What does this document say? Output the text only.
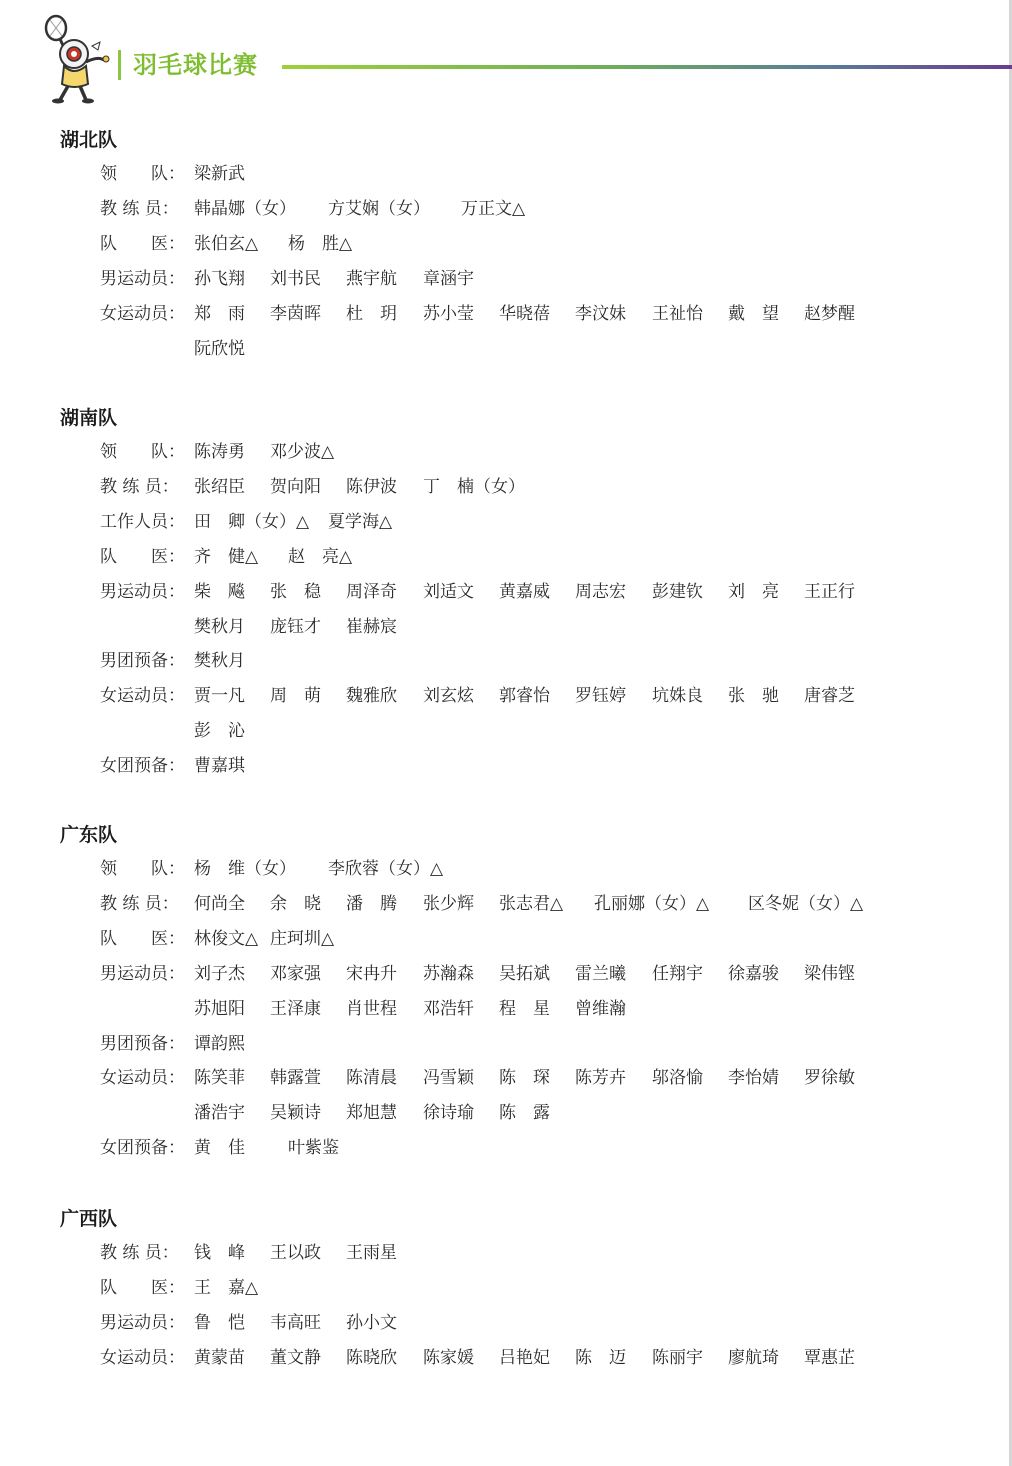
羽毛球比赛
湖北队
领　　队： 梁新武
教 练 员： 韩晶娜（女） 方艾娴（女） 万正文△
队　　医： 张伯玄△ 杨　胜△
男运动员： 孙飞翔 刘书民 燕宇航 章涵宇
女运动员： 郑　雨 李茵晖 杜　玥 苏小莹 华晓蓓 李汶妹 王祉怡 戴　望 赵梦醒
阮欣悦
湖南队
领　　队： 陈涛勇 邓少波△
教 练 员： 张绍臣 贺向阳 陈伊波 丁　楠（女）
工作人员： 田　卿（女）△ 夏学海△
队　　医： 齐　健△ 赵　亮△
男运动员： 柴　飚 张　稳 周泽奇 刘适文 黄嘉威 周志宏 彭建钦 刘　亮 王正行
樊秋月 庞钰才 崔赫宸
男团预备： 樊秋月
女运动员： 贾一凡 周　萌 魏雅欣 刘玄炫 郭睿怡 罗钰婷 坑姝良 张　驰 唐睿芝
彭　沁
女团预备： 曹嘉琪
广东队
领　　队： 杨　维（女） 李欣蓉（女）△
教 练 员： 何尚全 余　晓 潘　腾 张少辉 张志君△ 孔丽娜（女）△ 区冬妮（女）△
队　　医： 林俊文△ 庄珂圳△
男运动员： 刘子杰 邓家强 宋冉升 苏瀚森 吴拓斌 雷兰曦 任翔宇 徐嘉骏 梁伟铿
苏旭阳 王泽康 肖世程 邓浩轩 程　星 曾维瀚
男团预备： 谭韵熙
女运动员： 陈笑菲 韩露萱 陈清晨 冯雪颖 陈　琛 陈芳卉 邬洛愉 李怡婧 罗徐敏
潘浩宇 吴颖诗 郑旭慧 徐诗瑜 陈　露
女团预备： 黄　佳	叶紫鉴
广西队
教 练 员： 钱　峰 王以政 王雨星
队　　医： 王　嘉△
男运动员： 鲁　恺 韦高旺 孙小文
女运动员： 黄蒙苗 董文静 陈晓欣 陈家媛 吕艳妃 陈　迈 陈丽宇 廖航琦 覃惠芷
